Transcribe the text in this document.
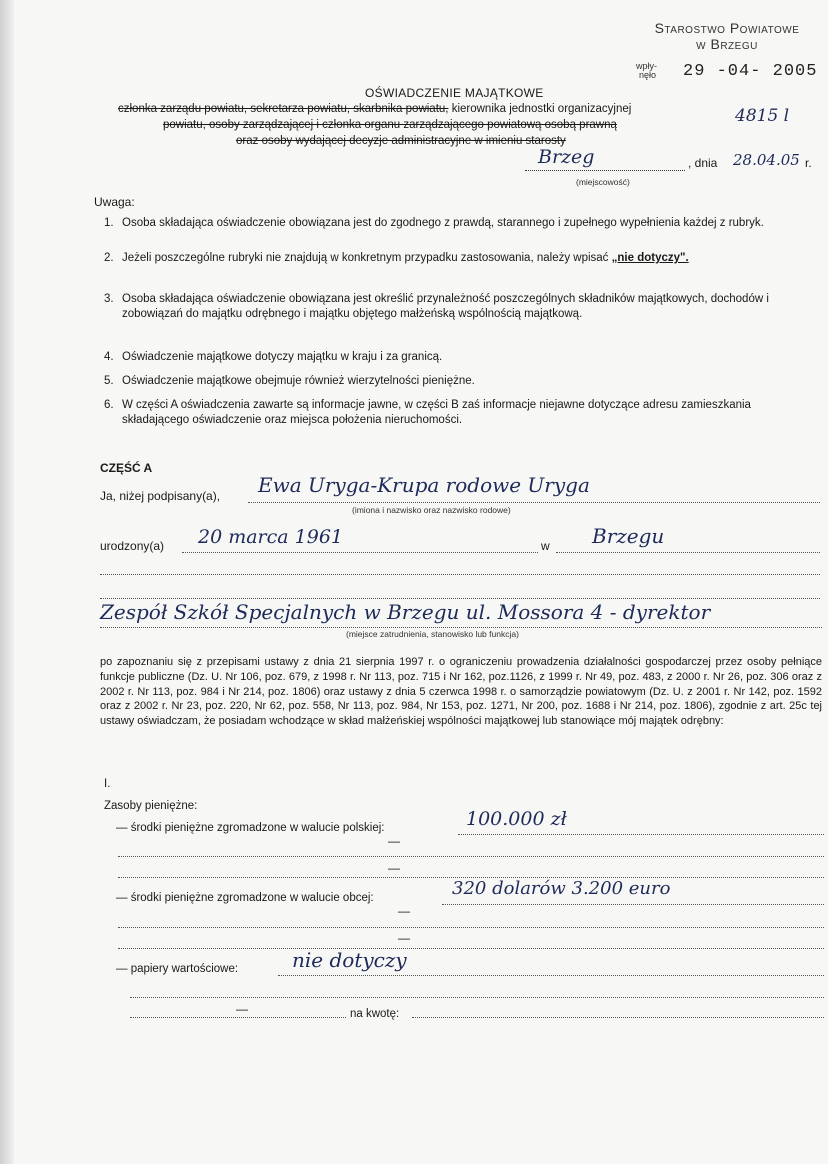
Starostwo Powiatowe
w Brzegu
wpły-
nęło 29 -04- 2005
OŚWIADCZENIE MAJĄTKOWE
członka zarządu powiatu, sekretarza powiatu, skarbnika powiatu, kierownika jednostki organizacyjnej
powiatu, osoby zarządzającej i członka organu zarządzającego powiatową osobą prawną
oraz osoby wydającej decyzje administracyjne w imieniu starosty
4815 l
Brzeg	, dnia 28.04.05 r.
(miejscowość)
Uwaga:
1. Osoba składająca oświadczenie obowiązana jest do zgodnego z prawdą, starannego i zupełnego wypełnienia każdej z rubryk.
2. Jeżeli poszczególne rubryki nie znajdują w konkretnym przypadku zastosowania, należy wpisać „nie dotyczy".
3. Osoba składająca oświadczenie obowiązana jest określić przynależność poszczególnych składników majątkowych, dochodów i zobowiązań do majątku odrębnego i majątku objętego małżeńską wspólnością majątkową.
4. Oświadczenie majątkowe dotyczy majątku w kraju i za granicą.
5. Oświadczenie majątkowe obejmuje również wierzytelności pieniężne.
6. W części A oświadczenia zawarte są informacje jawne, w części B zaś informacje niejawne dotyczące adresu zamieszkania składającego oświadczenie oraz miejsca położenia nieruchomości.
CZĘŚĆ A
Ja, niżej podpisany(a), Ewa Uryga-Krupa rodowe Uryga
(imiona i nazwisko oraz nazwisko rodowe)
urodzony(a) 20 marca 1961	w Brzegu
Zespół Szkół Specjalnych w Brzegu ul. Mossora 4 - dyrektor
(miejsce zatrudnienia, stanowisko lub funkcja)
po zapoznaniu się z przepisami ustawy z dnia 21 sierpnia 1997 r. o ograniczeniu prowadzenia działalności gospodarczej przez osoby pełniące funkcje publiczne (Dz. U. Nr 106, poz. 679, z 1998 r. Nr 113, poz. 715 i Nr 162, poz.1126, z 1999 r. Nr 49, poz. 483, z 2000 r. Nr 26, poz. 306 oraz z 2002 r. Nr 113, poz. 984 i Nr 214, poz. 1806) oraz ustawy z dnia 5 czerwca 1998 r. o samorządzie powiatowym (Dz. U. z 2001 r. Nr 142, poz. 1592 oraz z 2002 r. Nr 23, poz. 220, Nr 62, poz. 558, Nr 113, poz. 984, Nr 153, poz. 1271, Nr 200, poz. 1688 i Nr 214, poz. 1806), zgodnie z art. 25c tej ustawy oświadczam, że posiadam wchodzące w skład małżeńskiej wspólności majątkowej lub stanowiące mój majątek odrębny:
I.
Zasoby pieniężne:
— środki pieniężne zgromadzone w walucie polskiej:	100.000 zł
—
—
— środki pieniężne zgromadzone w walucie obcej:	320 dolarów 3.200 euro
—
—
— papiery wartościowe:	nie dotyczy
—	na kwotę:
